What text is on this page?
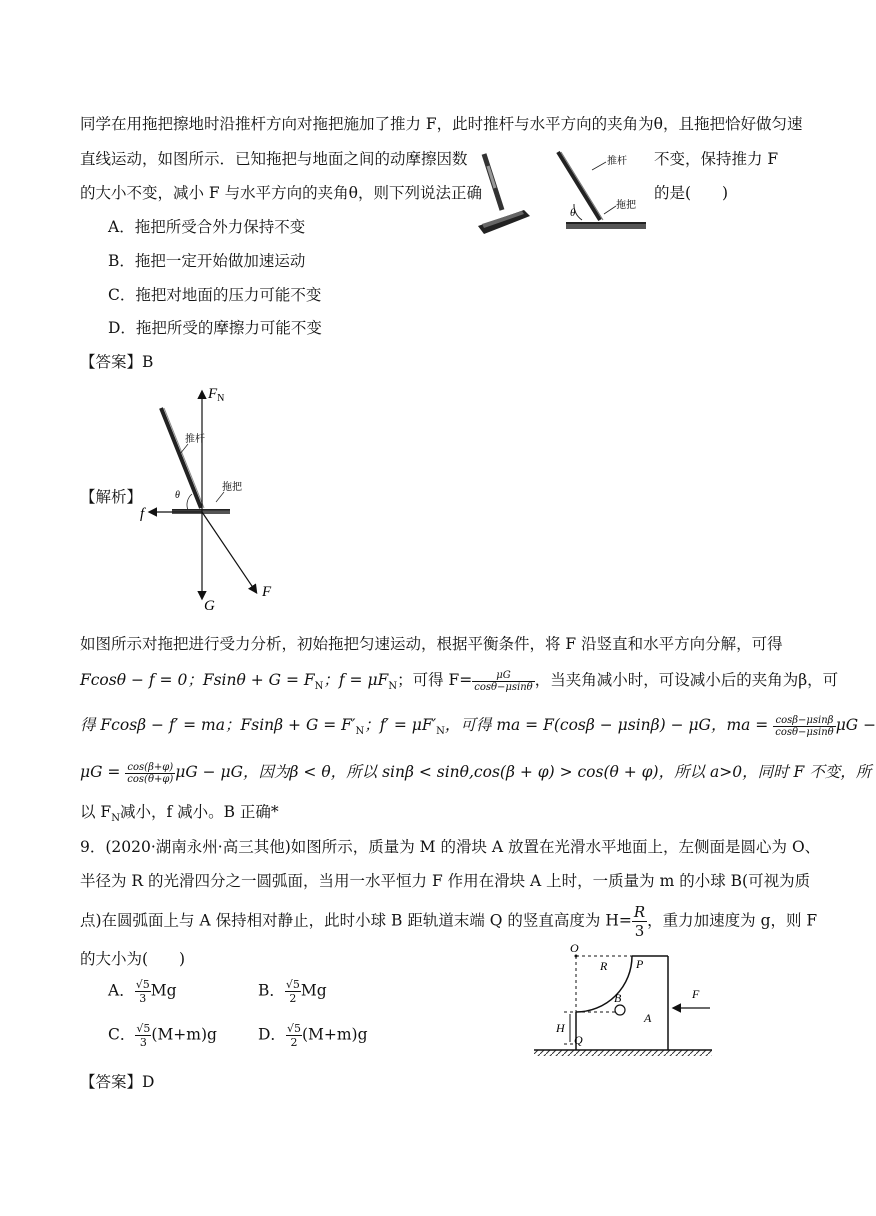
同学在用拖把擦地时沿推杆方向对拖把施加了推力 F，此时推杆与水平方向的夹角为θ，且拖把恰好做匀速
直线运动，如图所示．已知拖把与地面之间的动摩擦因数	不变，保持推力 F
的大小不变，减小 F 与水平方向的夹角θ，则下列说法正确	的是(　　)
推杆
拖把
θ
A．拖把所受合外力保持不变
B．拖把一定开始做加速运动
C．拖把对地面的压力可能不变
D．拖把所受的摩擦力可能不变
【答案】B
【解析】
$F_N$
f
G
F
θ
推杆
拖把
如图所示对拖把进行受力分析，初始拖把匀速运动，根据平衡条件，将 F 沿竖直和水平方向分解，可得
Fcosθ − f = 0；$Fsin\theta + G = F_N$；$f = \mu F_N$；可得 $F= \frac{\mu G}{\cos\theta-\mu\sin\theta}$ ，当夹角减小时，可设减小后的夹角为β，可
得 Fcosβ − f′ = ma；$Fsin\beta + G = F'_N$；$f' = \mu F'_N$，可得 ma = F(cosβ − μsinβ) − μG，ma = $\frac{\cos\beta-\mu\sin\beta}{\cos\theta-\mu\sin\theta}$ μG −
$\mu G = \frac{\cos(\beta+\varphi)}{\cos(\theta+\varphi)}$ μG − μG，因为β < θ，所以 sinβ < sinθ,cos(β + φ) > cos(θ + φ)，所以 a>0，同时 F 不变，所
以 $F_N$减小，f 减小。B 正确*
9．(2020·湖南永州·高三其他)如图所示，质量为 M 的滑块 A 放置在光滑水平地面上，左侧面是圆心为 O、
半径为 R 的光滑四分之一圆弧面，当用一水平恒力 F 作用在滑块 A 上时，一质量为 m 的小球 B(可视为质
点)在圆弧面上与 A 保持相对静止，此时小球 B 距轨道末端 Q 的竖直高度为 $H= \frac{R}{3}$ ，重力加速度为 g，则 F
的大小为(　　)
A． $\frac{√5}{3}Mg$	B． $\frac{√5}{2}Mg$
C． $\frac{√5}{3}(M+m)g$	D． $\frac{√5}{2}(M+m)g$
O
R P
B
H
A
F
Q
【答案】D
